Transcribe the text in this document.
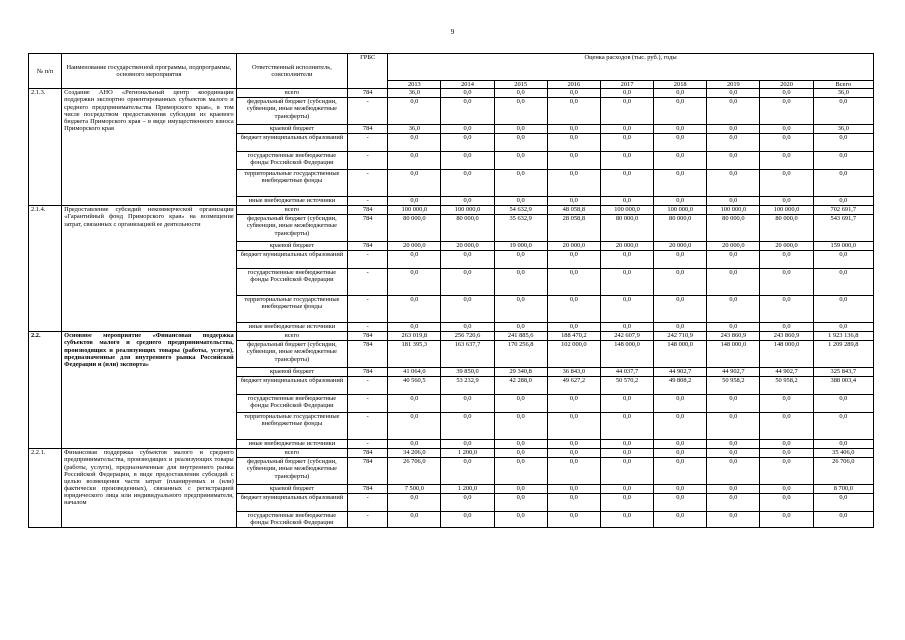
9
№ п/п	Наименование государственной программы, подпрограммы, основного мероприятия	Ответственный исполнитель, соисполнители	ГРБС	Оценка расходов (тыс. руб.), годы								
				2013	2014	2015	2016	2017	2018	2019	2020	Всего
2.1.3.	Создание АНО «Региональный центр координации поддержки экспортно ориентированных субъектов малого и среднего предпринимательства Приморского края», в том числе посредством предоставления субсидии из краевого бюджета Приморского края – в виде имущественного взноса Приморского края	всего	784	36,0	0,0	0,0	0,0	0,0	0,0	0,0	0,0	36,0
		федеральный бюджет (субсидии, субвенции, иные межбюджетные трансферты)	-	0,0	0,0	0,0	0,0	0,0	0,0	0,0	0,0	0,0
		краевой бюджет	784	36,0	0,0	0,0	0,0	0,0	0,0	0,0	0,0	36,0
		бюджет муниципальных образований	-	0,0	0,0	0,0	0,0	0,0	0,0	0,0	0,0	0,0
		государственные внебюджетные фонды Российской Федерации	-	0,0	0,0	0,0	0,0	0,0	0,0	0,0	0,0	0,0
		территориальные государственные внебюджетные фонды	-	0,0	0,0	0,0	0,0	0,0	0,0	0,0	0,0	0,0
		иные внебюджетные источники	-	0,0	0,0	0,0	0,0	0,0	0,0	0,0	0,0	0,0
2.1.4.	Предоставление субсидий некоммерческой организации «Гарантийный фонд Приморского края» на возмещение затрат, связанных с организацией ее деятельности	всего	784	100 000,0	100 000,0	54 632,9	48 058,8	100 000,0	100 000,0	100 000,0	100 000,0	702 691,7
		федеральный бюджет (субсидии, субвенции, иные межбюджетные трансферты)	784	80 000,0	80 000,0	35 632,9	28 058,8	80 000,0	80 000,0	80 000,0	80 000,0	543 691,7
		краевой бюджет	784	20 000,0	20 000,0	19 000,0	20 000,0	20 000,0	20 000,0	20 000,0	20 000,0	159 000,0
		бюджет муниципальных образований	-	0,0	0,0	0,0	0,0	0,0	0,0	0,0	0,0	0,0
		государственные внебюджетные фонды Российской Федерации	-	0,0	0,0	0,0	0,0	0,0	0,0	0,0	0,0	0,0
		территориальные государственные внебюджетные фонды	-	0,0	0,0	0,0	0,0	0,0	0,0	0,0	0,0	0,0
		иные внебюджетные источники	-	0,0	0,0	0,0	0,0	0,0	0,0	0,0	0,0	0,0
2.2.	Основное мероприятие «Финансовая поддержка субъектов малого и среднего предпринимательства, производящих и реализующих товары (работы, услуги), предназначенные для внутреннего рынка Российской Федерации и (или) экспорта»	всего	784	263 019,8	256 720,6	241 885,6	188 470,2	242 607,9	242 710,9	243 860,9	243 860,9	1 923 136,8
		федеральный бюджет (субсидии, субвенции, иные межбюджетные трансферты)	784	181 395,3	163 637,7	170 256,8	102 000,0	148 000,0	148 000,0	148 000,0	148 000,0	1 209 289,8
		краевой бюджет	784	41 064,0	39 850,0	29 340,8	36 843,0	44 037,7	44 902,7	44 902,7	44 902,7	325 843,7
		бюджет муниципальных образований	-	40 560,5	53 232,9	42 288,0	49 627,2	50 570,2	49 808,2	50 958,2	50 958,2	388 003,4
		государственные внебюджетные фонды Российской Федерации	-	0,0	0,0	0,0	0,0	0,0	0,0	0,0	0,0	0,0
		территориальные государственные внебюджетные фонды	-	0,0	0,0	0,0	0,0	0,0	0,0	0,0	0,0	0,0
		иные внебюджетные источники	-	0,0	0,0	0,0	0,0	0,0	0,0	0,0	0,0	0,0
2.2.1.	Финансовая поддержка субъектов малого и среднего предпринимательства, производящих и реализующих товары (работы, услуги), предназначенные для внутреннего рынка Российской Федерации, в виде предоставления субсидий с целью возмещения части затрат (планируемых и (или) фактически произведенных), связанных с регистрацией юридического лица или индивидуального предпринимателя, началом	всего	784	34 206,0	1 200,0	0,0	0,0	0,0	0,0	0,0	0,0	35 406,0
		федеральный бюджет (субсидии, субвенции, иные межбюджетные трансферты)	784	26 706,0	0,0	0,0	0,0	0,0	0,0	0,0	0,0	26 706,0
		краевой бюджет	784	7 500,0	1 200,0	0,0	0,0	0,0	0,0	0,0	0,0	8 700,0
		бюджет муниципальных образований	-	0,0	0,0	0,0	0,0	0,0	0,0	0,0	0,0	0,0
		государственные внебюджетные фонды Российской Федерации	-	0,0	0,0	0,0	0,0	0,0	0,0	0,0	0,0	0,0
